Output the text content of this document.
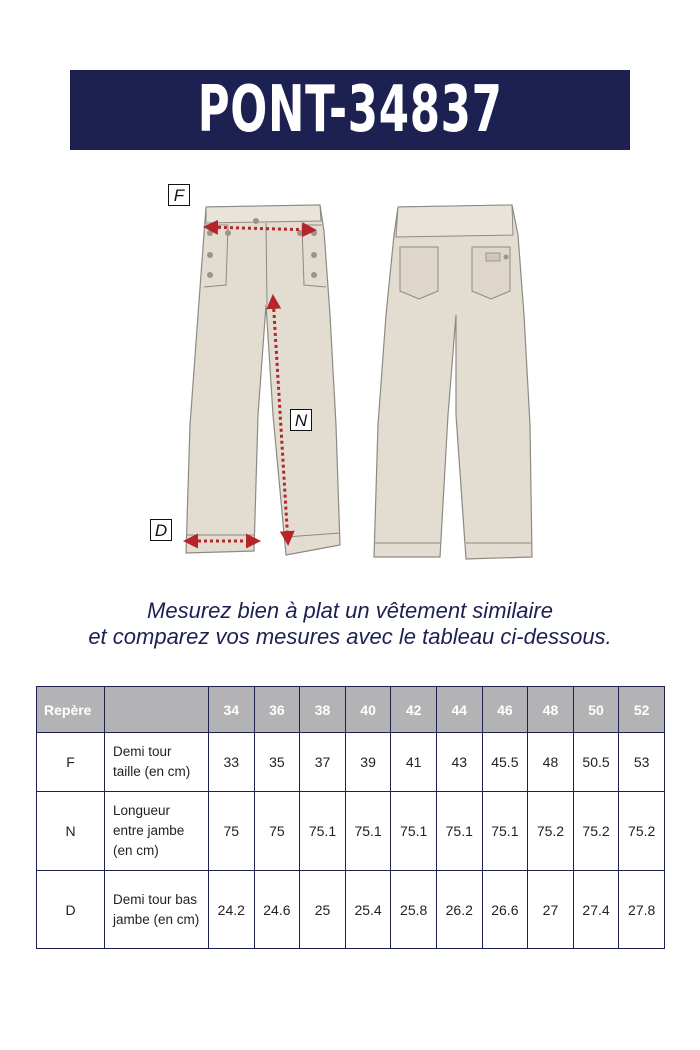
PONT-34837
F
N
D
Mesurez bien à plat un vêtement similaire
et comparez vos mesures avec le tableau ci-dessous.
Repère		34	36	38	40	42	44	46	48	50	52
F	Demi tour taille (en cm)	33	35	37	39	41	43	45.5	48	50.5	53
N	Longueur entre jambe (en cm)	75	75	75.1	75.1	75.1	75.1	75.1	75.2	75.2	75.2
D	Demi tour bas jambe (en cm)	24.2	24.6	25	25.4	25.8	26.2	26.6	27	27.4	27.8
